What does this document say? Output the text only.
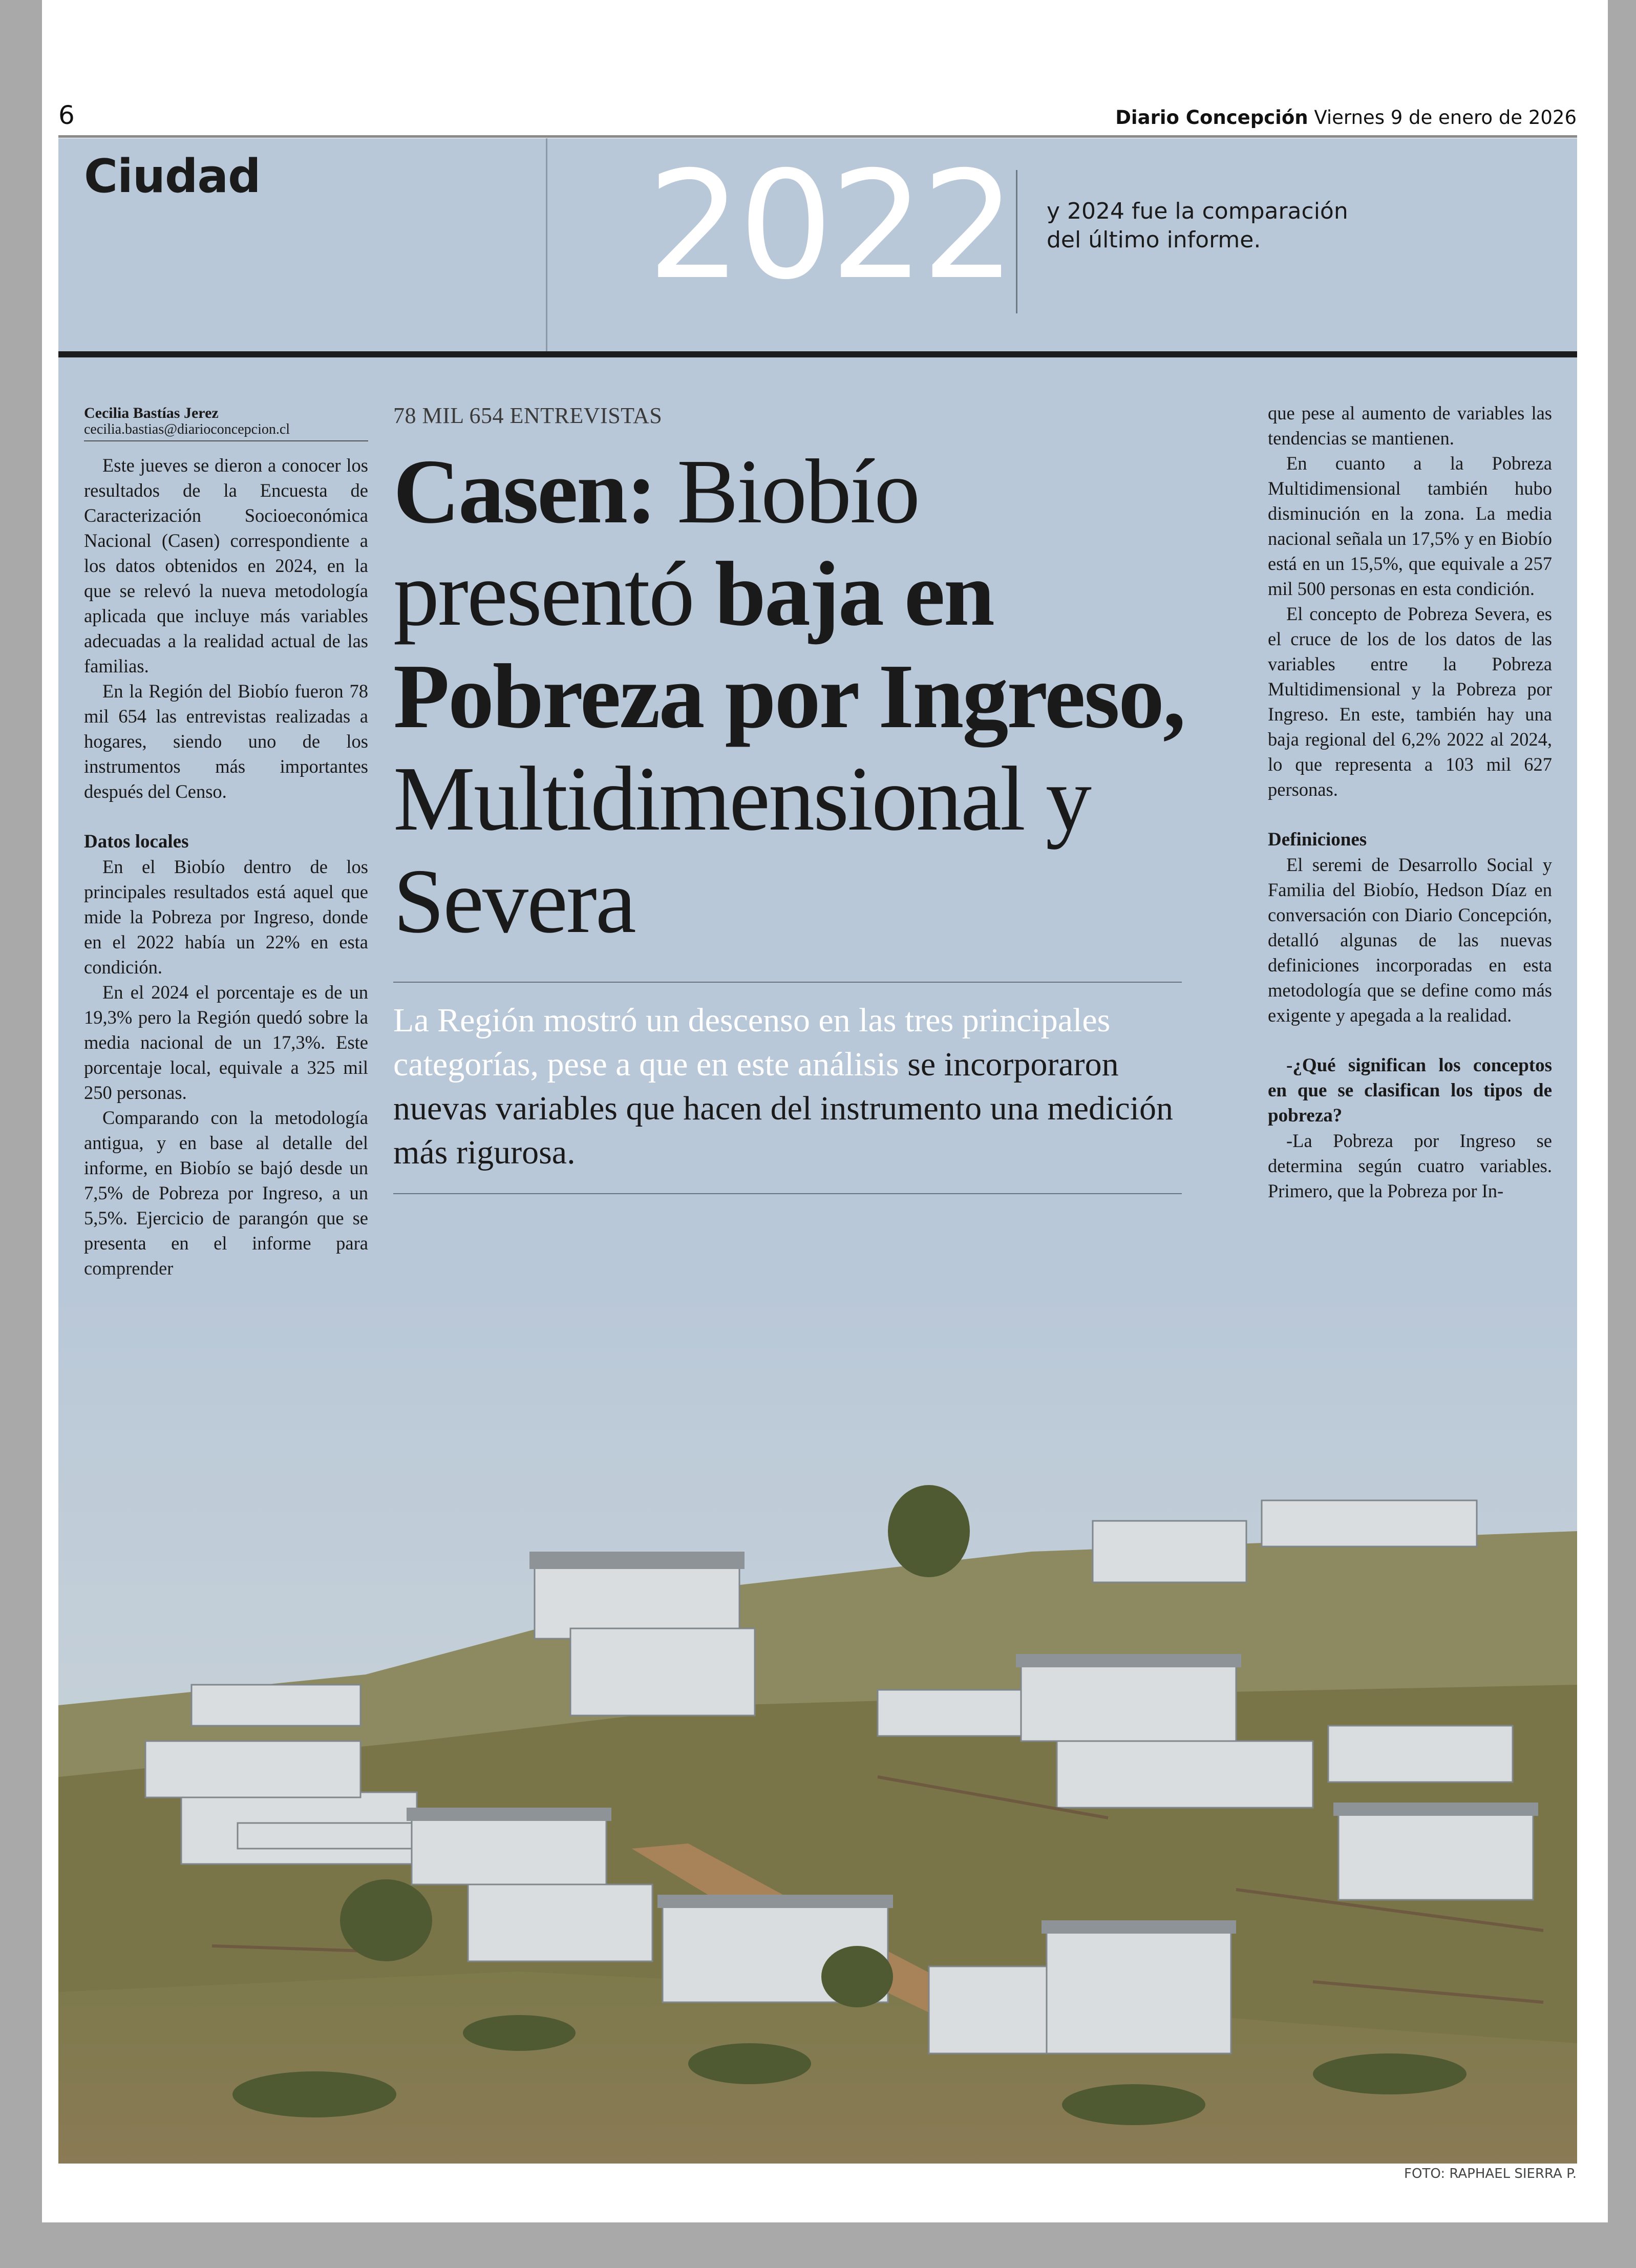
6	Diario Concepción Viernes 9 de enero de 2026
Ciudad	2022 y 2024 fue la comparación del último informe.
Cecilia Bastías Jerez
cecilia.bastias@diarioconcepcion.cl

Este jueves se dieron a conocer los resultados de la Encuesta de Caracterización Socioeconómica Nacional (Casen) correspondiente a los datos obtenidos en 2024, en la que se relevó la nueva metodología aplicada que incluye más variables adecuadas a la realidad actual de las familias.

En la Región del Biobío fueron 78 mil 654 las entrevistas realizadas a hogares, siendo uno de los instrumentos más importantes después del Censo.

Datos locales

En el Biobío dentro de los principales resultados está aquel que mide la Pobreza por Ingreso, donde en el 2022 había un 22% en esta condición.

En el 2024 el porcentaje es de un 19,3% pero la Región quedó sobre la media nacional de un 17,3%. Este porcentaje local, equivale a 325 mil 250 personas.

Comparando con la metodología antigua, y en base al detalle del informe, en Biobío se bajó desde un 7,5% de Pobreza por Ingreso, a un 5,5%. Ejercicio de parangón que se presenta en el informe para

78 MIL 654 ENTREVISTAS
Casen: Biobío presentó baja en Pobreza por Ingreso, Multidimensional y Severa
La Región mostró un descenso en las tres principales categorías, pese a que en este análisis se incorporaron nuevas variables que hacen del instrumento una medición más rigurosa.

que pese al aumento de variables las tendencias se mantienen.

En cuanto a la Pobreza Multidimensional también hubo disminución en la zona. La media nacional señala un 17,5% y en Biobío está en un 15,5%, que equivale a 257 mil 500 personas en esta condición.

El concepto de Pobreza Severa, es el cruce de los de los datos de las variables entre la Pobreza Multidimensional y la Pobreza por Ingreso. En este, también hay una baja regional del 6,2% 2022 al 2024, lo que representa a 103 mil 627 personas.

Definiciones

El seremi de Desarrollo Social y Familia del Biobío, Hedson Díaz en conversación con Diario Concepción, detalló algunas de las nuevas definiciones incorporadas en esta metodología que se define como más exigente y apegada a la realidad.

-¿Qué significan los conceptos en que se clasifican los tipos de pobreza?

-La Pobreza por Ingreso se determina según cuatro variables. Primero, que la Pobreza por In-

FOTO: RAPHAEL SIERRA P.
